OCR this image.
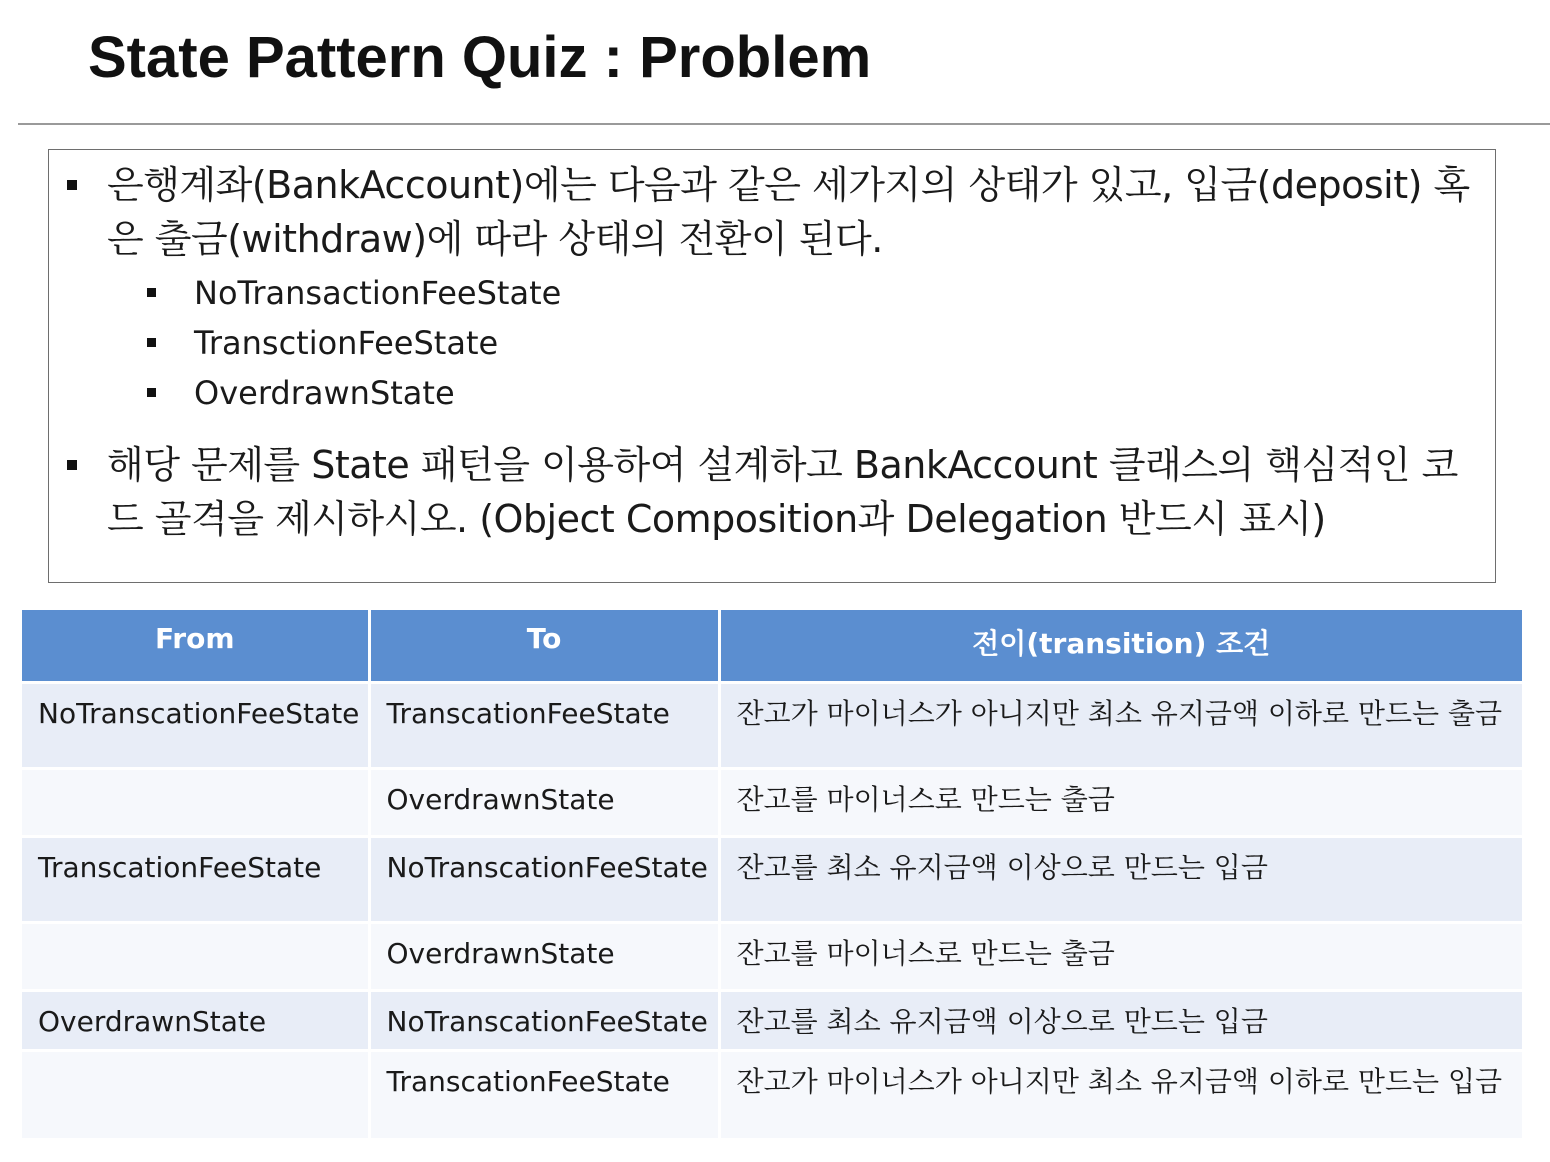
State Pattern Quiz : Problem
은행계좌(BankAccount)에는 다음과 같은 세가지의 상태가 있고, 입금(deposit) 혹은 출금(withdraw)에 따라 상태의 전환이 된다.
NoTransactionFeeState
TransctionFeeState
OverdrawnState
해당 문제를 State 패턴을 이용하여 설계하고 BankAccount 클래스의 핵심적인 코드 골격을 제시하시오. (Object Composition과 Delegation 반드시 표시)
From	To	전이(transition) 조건
NoTranscationFeeState	TranscationFeeState	잔고가 마이너스가 아니지만 최소 유지금액 이하로 만드는 출금
	OverdrawnState	잔고를 마이너스로 만드는 출금
TranscationFeeState	NoTranscationFeeState	잔고를 최소 유지금액 이상으로 만드는 입금
	OverdrawnState	잔고를 마이너스로 만드는 출금
OverdrawnState	NoTranscationFeeState	잔고를 최소 유지금액 이상으로 만드는 입금
	TranscationFeeState	잔고가 마이너스가 아니지만 최소 유지금액 이하로 만드는 입금
